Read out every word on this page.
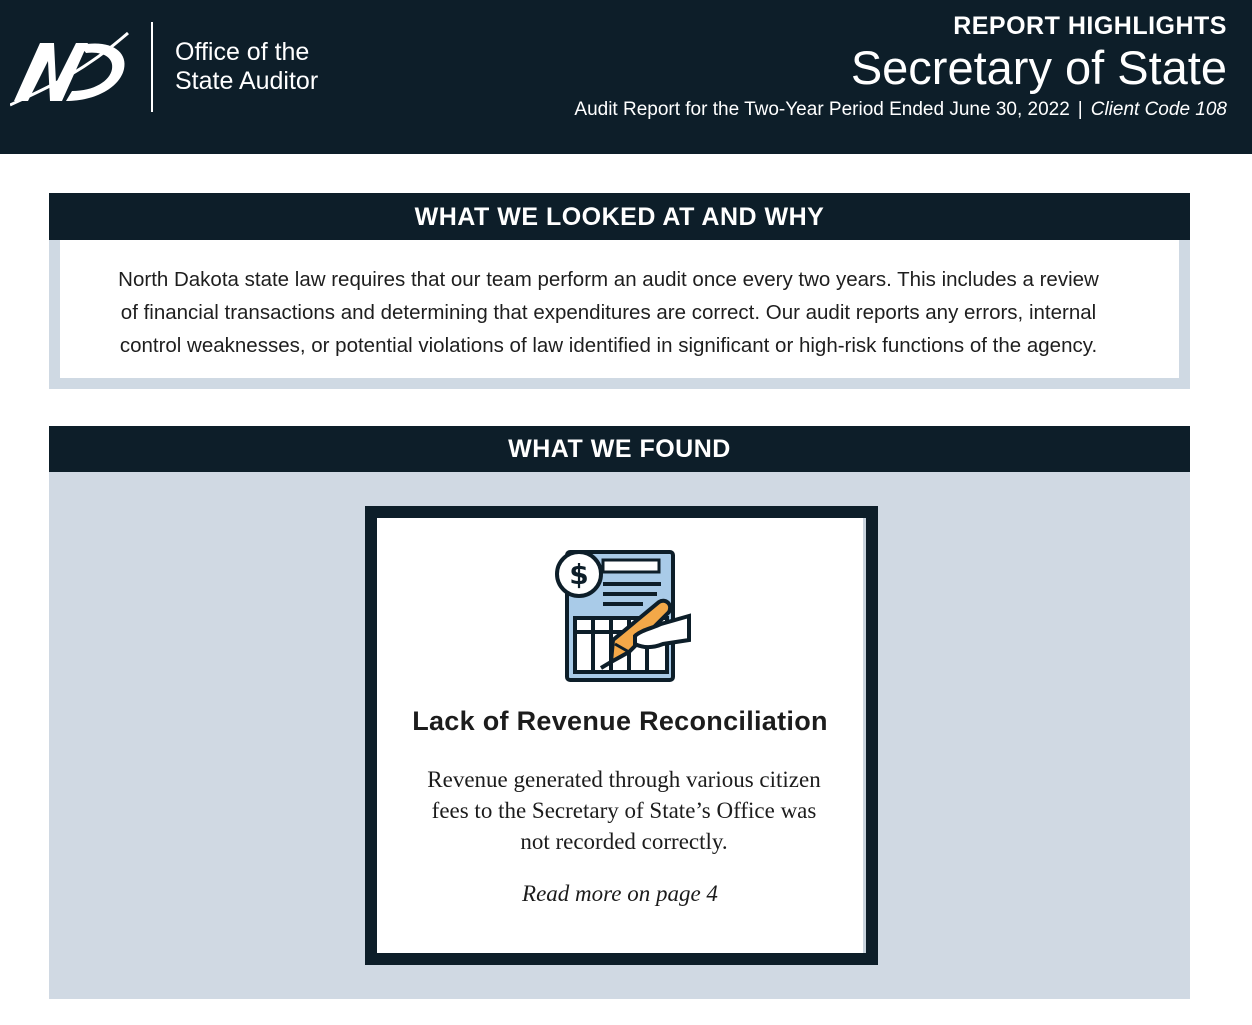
Office of the
State Auditor
REPORT HIGHLIGHTS
Secretary of State
Audit Report for the Two-Year Period Ended June 30, 2022 | Client Code 108
WHAT WE LOOKED AT AND WHY
North Dakota state law requires that our team perform an audit once every two years. This includes a review
of financial transactions and determining that expenditures are correct. Our audit reports any errors, internal
control weaknesses, or potential violations of law identified in significant or high-risk functions of the agency.
WHAT WE FOUND
$
Lack of Revenue Reconciliation
Revenue generated through various citizen
fees to the Secretary of State’s Office was
not recorded correctly.
Read more on page 4
